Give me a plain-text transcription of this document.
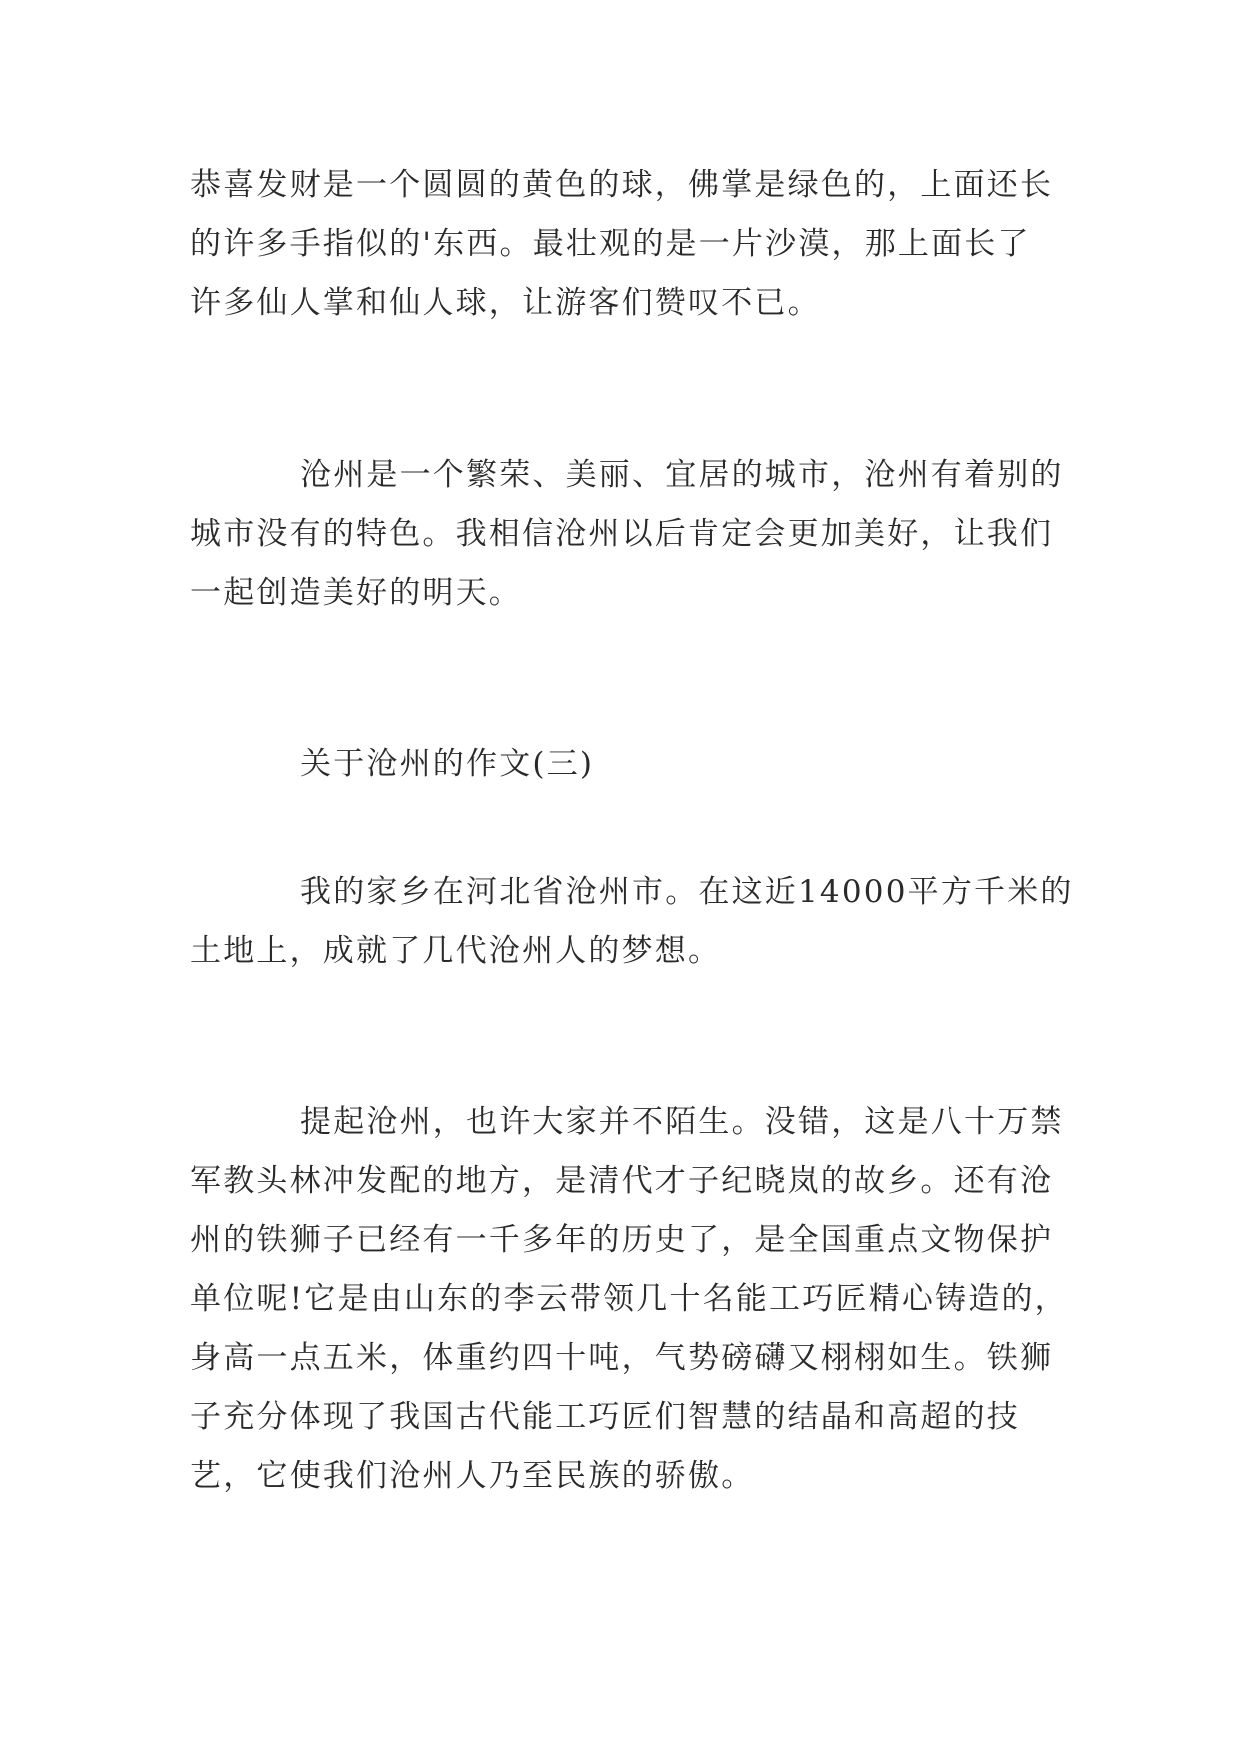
恭喜发财是一个圆圆的黄色的球，佛掌是绿色的，上面还长
的许多手指似的'东西。最壮观的是一片沙漠，那上面长了
许多仙人掌和仙人球，让游客们赞叹不已。
沧州是一个繁荣、美丽、宜居的城市，沧州有着别的
城市没有的特色。我相信沧州以后肯定会更加美好，让我们
一起创造美好的明天。
关于沧州的作文(三)
我的家乡在河北省沧州市。在这近14000平方千米的
土地上，成就了几代沧州人的梦想。
提起沧州，也许大家并不陌生。没错，这是八十万禁
军教头林冲发配的地方，是清代才子纪晓岚的故乡。还有沧
州的铁狮子已经有一千多年的历史了，是全国重点文物保护
单位呢!它是由山东的李云带领几十名能工巧匠精心铸造的，
身高一点五米，体重约四十吨，气势磅礴又栩栩如生。铁狮
子充分体现了我国古代能工巧匠们智慧的结晶和高超的技
艺，它使我们沧州人乃至民族的骄傲。
